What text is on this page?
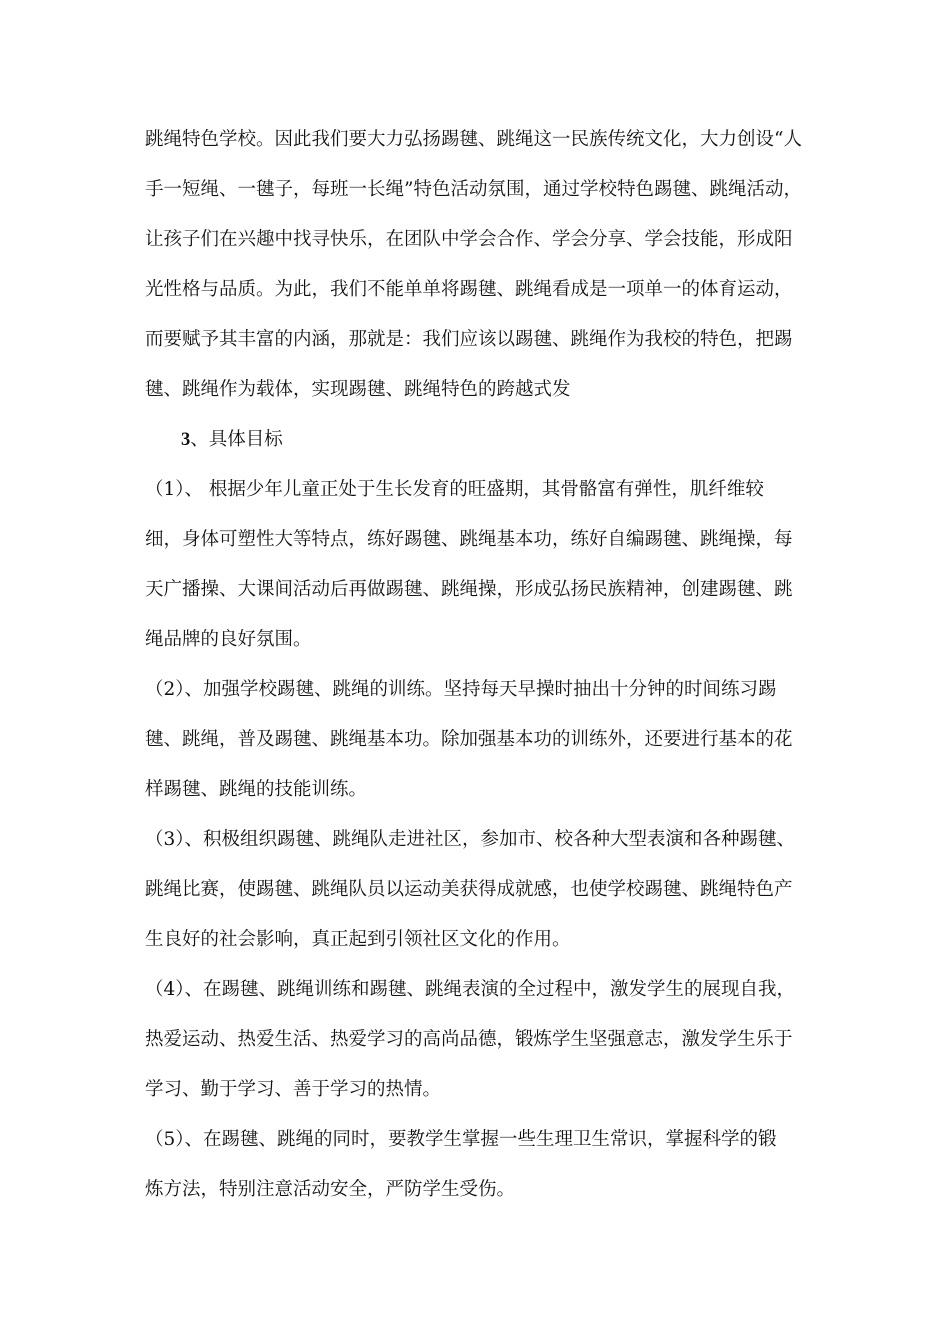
跳绳特色学校。因此我们要大力弘扬踢毽、跳绳这一民族传统文化，大力创设“人
手一短绳、一毽子，每班一长绳”特色活动氛围，通过学校特色踢毽、跳绳活动，
让孩子们在兴趣中找寻快乐，在团队中学会合作、学会分享、学会技能，形成阳
光性格与品质。为此，我们不能单单将踢毽、跳绳看成是一项单一的体育运动，
而要赋予其丰富的内涵，那就是：我们应该以踢毽、跳绳作为我校的特色，把踢
毽、跳绳作为载体，实现踢毽、跳绳特色的跨越式发
3、具体目标
（1）、 根据少年儿童正处于生长发育的旺盛期，其骨骼富有弹性，肌纤维较
细，身体可塑性大等特点，练好踢毽、跳绳基本功，练好自编踢毽、跳绳操，每
天广播操、大课间活动后再做踢毽、跳绳操，形成弘扬民族精神，创建踢毽、跳
绳品牌的良好氛围。
（2）、加强学校踢毽、跳绳的训练。坚持每天早操时抽出十分钟的时间练习踢
毽、跳绳，普及踢毽、跳绳基本功。除加强基本功的训练外，还要进行基本的花
样踢毽、跳绳的技能训练。
（3）、积极组织踢毽、跳绳队走进社区，参加市、校各种大型表演和各种踢毽、
跳绳比赛，使踢毽、跳绳队员以运动美获得成就感，也使学校踢毽、跳绳特色产
生良好的社会影响，真正起到引领社区文化的作用。
（4）、在踢毽、跳绳训练和踢毽、跳绳表演的全过程中，激发学生的展现自我，
热爱运动、热爱生活、热爱学习的高尚品德，锻炼学生坚强意志，激发学生乐于
学习、勤于学习、善于学习的热情。
（5）、在踢毽、跳绳的同时，要教学生掌握一些生理卫生常识，掌握科学的锻
炼方法，特别注意活动安全，严防学生受伤。
